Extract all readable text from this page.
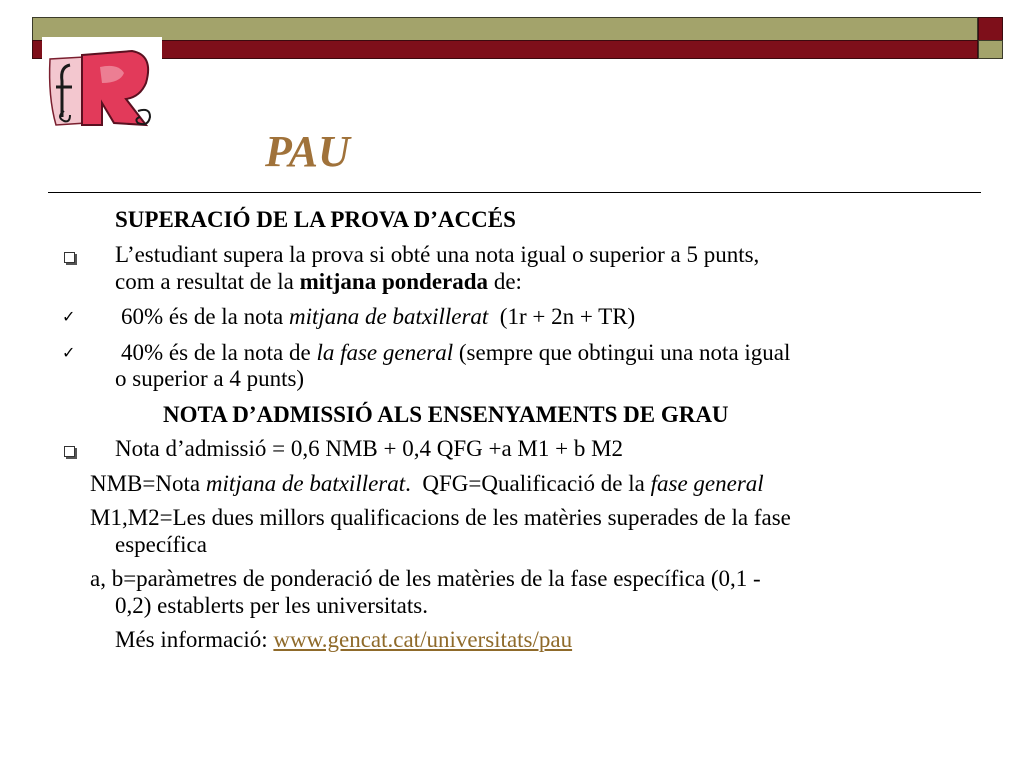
PAU
SUPERACIÓ DE LA PROVA D’ACCÉS
L’estudiant supera la prova si obté una nota igual o superior a 5 punts,
com a resultat de la mitjana ponderada de:
✓ 60% és de la nota mitjana de batxillerat  (1r + 2n + TR)
✓ 40% és de la nota de la fase general (sempre que obtingui una nota igual
o superior a 4 punts)
NOTA D’ADMISSIÓ ALS ENSENYAMENTS DE GRAU
Nota d’admissió = 0,6 NMB + 0,4 QFG +a M1 + b M2
NMB=Nota mitjana de batxillerat.  QFG=Qualificació de la fase general
M1,M2=Les dues millors qualificacions de les matèries superades de la fase
específica
a, b=paràmetres de ponderació de les matèries de la fase específica (0,1 -
0,2) establerts per les universitats.
Més informació: www.gencat.cat/universitats/pau
